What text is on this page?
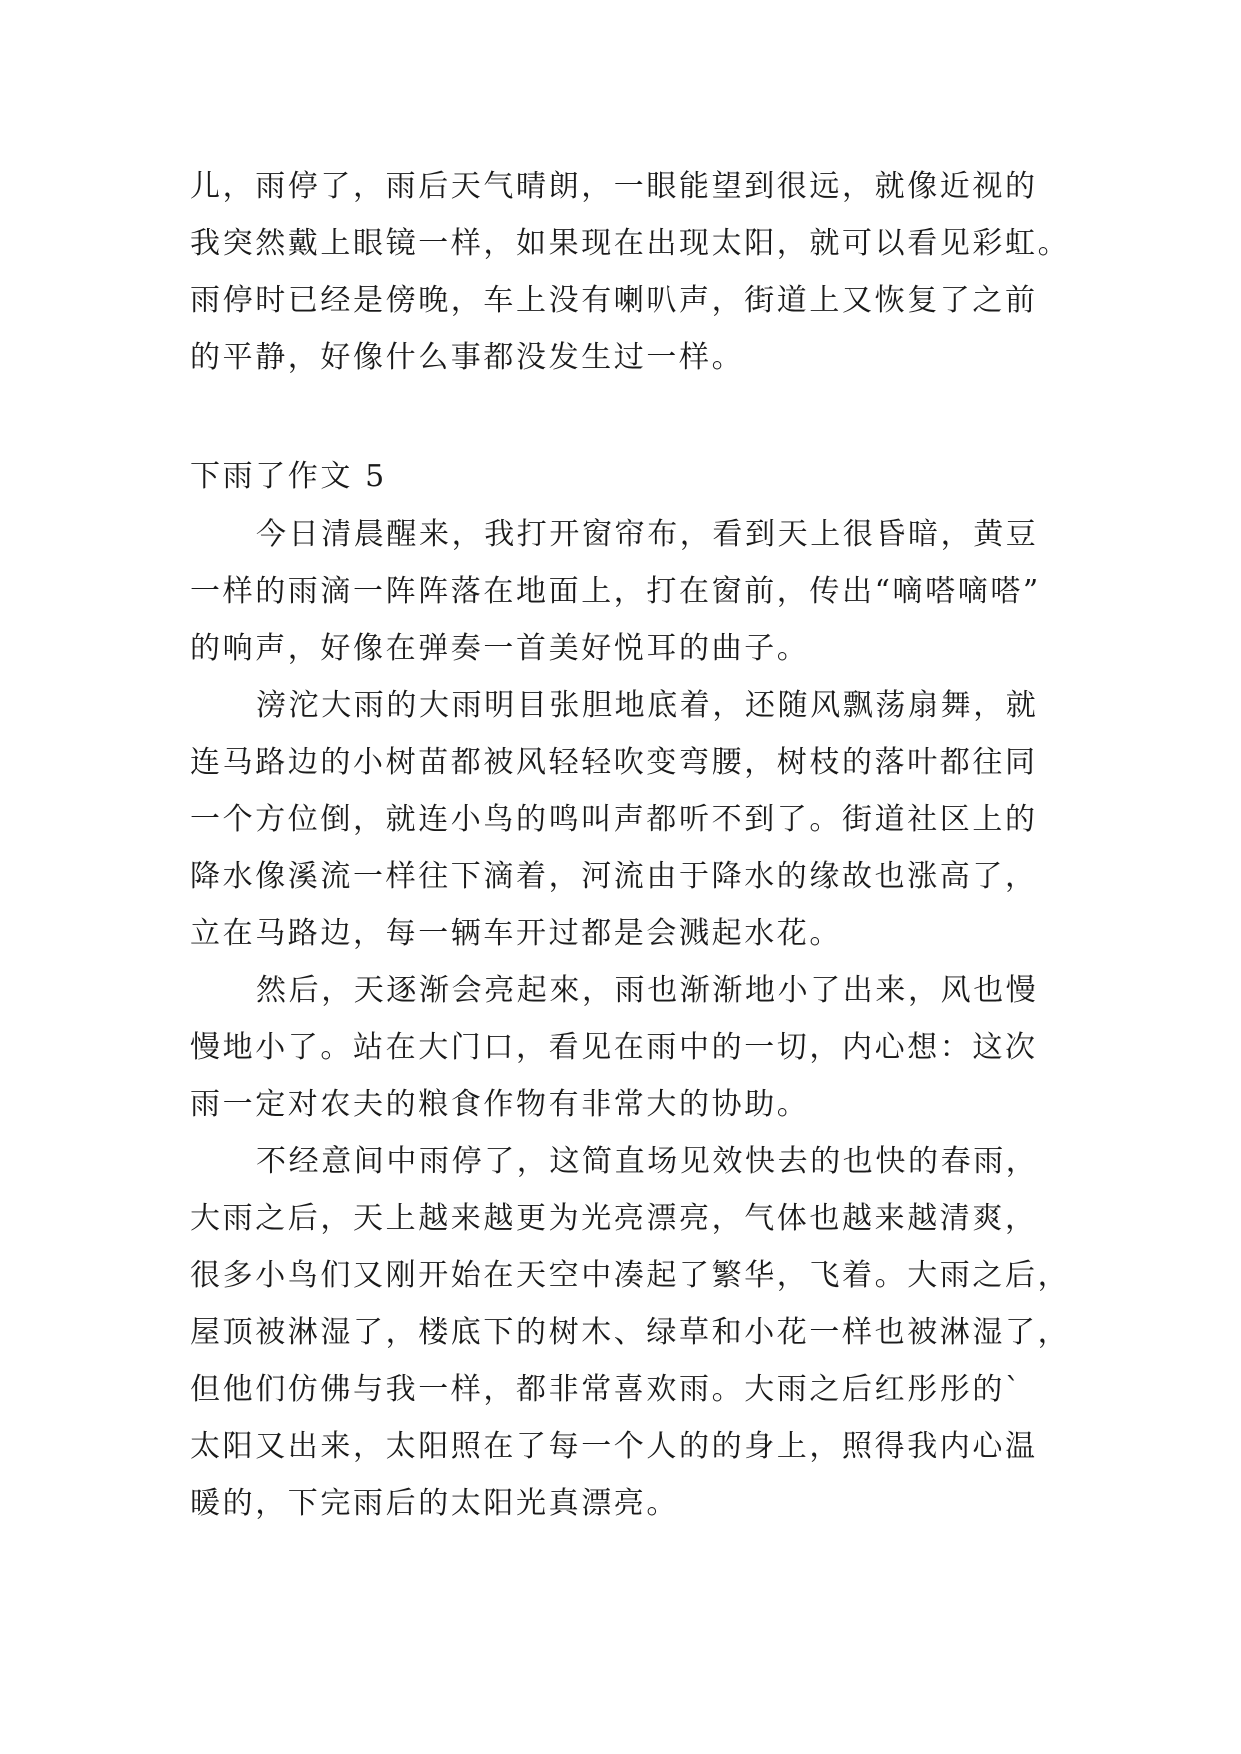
儿，雨停了，雨后天气晴朗，一眼能望到很远，就像近视的
我突然戴上眼镜一样，如果现在出现太阳，就可以看见彩虹。
雨停时已经是傍晚，车上没有喇叭声，街道上又恢复了之前
的平静，好像什么事都没发生过一样。
下雨了作文 5
今日清晨醒来，我打开窗帘布，看到天上很昏暗，黄豆
一样的雨滴一阵阵落在地面上，打在窗前，传出“嘀嗒嘀嗒”
的响声，好像在弹奏一首美好悦耳的曲子。
滂沱大雨的大雨明目张胆地底着，还随风飘荡扇舞，就
连马路边的小树苗都被风轻轻吹变弯腰，树枝的落叶都往同
一个方位倒，就连小鸟的鸣叫声都听不到了。街道社区上的
降水像溪流一样往下滴着，河流由于降水的缘故也涨高了，
立在马路边，每一辆车开过都是会溅起水花。
然后，天逐渐会亮起來，雨也渐渐地小了出来，风也慢
慢地小了。站在大门口，看见在雨中的一切，内心想：这次
雨一定对农夫的粮食作物有非常大的协助。
不经意间中雨停了，这简直场见效快去的也快的春雨，
大雨之后，天上越来越更为光亮漂亮，气体也越来越清爽，
很多小鸟们又刚开始在天空中凑起了繁华，飞着。大雨之后，
屋顶被淋湿了，楼底下的树木、绿草和小花一样也被淋湿了，
但他们仿佛与我一样，都非常喜欢雨。大雨之后红彤彤的`
太阳又出来，太阳照在了每一个人的的身上，照得我内心温
暖的，下完雨后的太阳光真漂亮。
